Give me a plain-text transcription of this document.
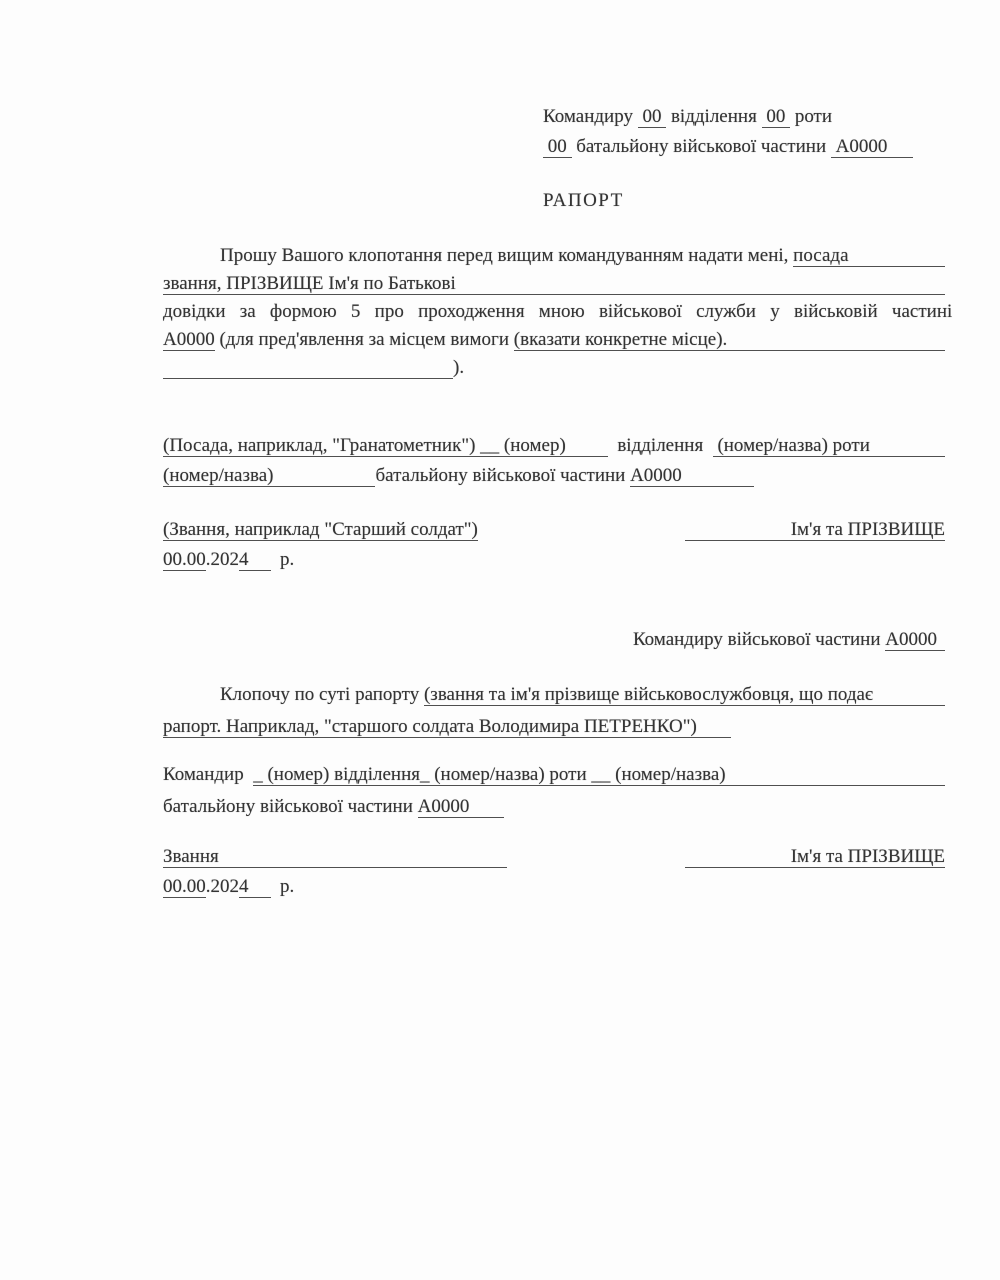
Командиру 00 відділення 00 роти
00 батальйону військової частини А0000
РАПОРТ
Прошу Вашого клопотання перед вищим командуванням надати мені, посада
звання, ПРІЗВИЩЕ Ім'я по Батькові
довідки за формою 5 про проходження мною військової служби у військовій частині
А0000 (для пред'явлення за місцем вимоги (вказати конкретне місце).
).
(Посада, наприклад, "Гранатометник") __ (номер) відділення (номер/назва) роти
(номер/назва)	батальйону військової частини А0000
(Звання, наприклад "Старший солдат")	Ім'я та ПРІЗВИЩЕ
00.00 .202 4 р.
Командиру військової частини А0000
Клопочу по суті рапорту (звання та ім'я прізвище військовослужбовця, що подає
рапорт. Наприклад, "старшого солдата Володимира ПЕТРЕНКО")
Командир _ (номер) відділення_ (номер/назва) роти __ (номер/назва)
батальйону військової частини А0000
Звання	Ім'я та ПРІЗВИЩЕ
00.00 .202 4 р.
